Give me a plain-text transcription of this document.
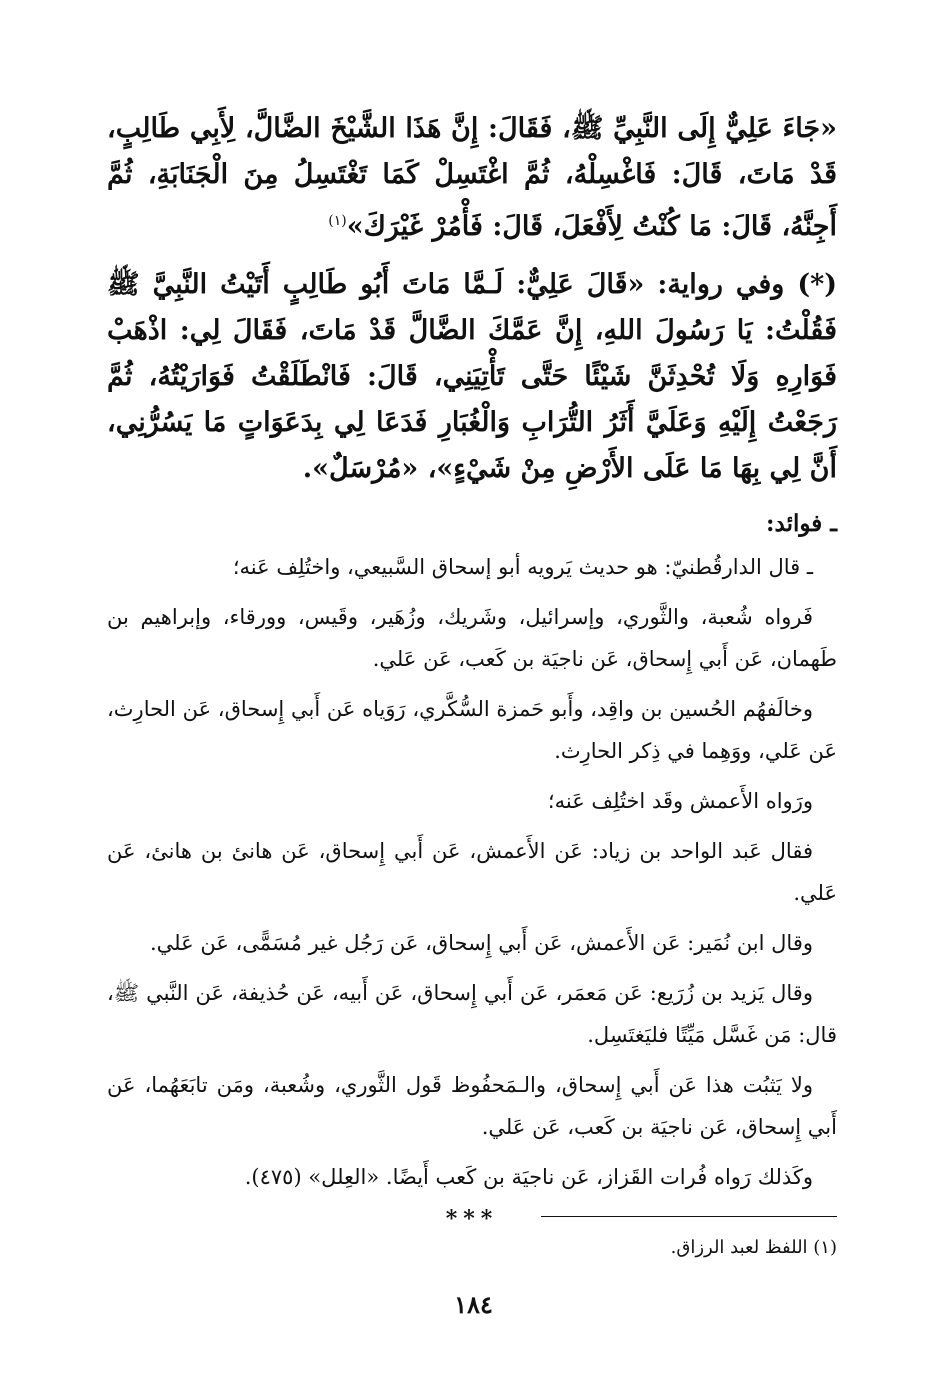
«جَاءَ عَلِيٌّ إِلَى النَّبِيِّ ﷺ، فَقَالَ: إِنَّ هَذَا الشَّيْخَ الضَّالَّ، لِأَبِي طَالِبٍ، قَدْ مَاتَ، قَالَ: فَاغْسِلْهُ، ثُمَّ اغْتَسِلْ كَمَا تَغْتَسِلُ مِنَ الْجَنَابَةِ، ثُمَّ أَجِنَّهُ، قَالَ: مَا كُنْتُ لِأَفْعَلَ، قَالَ: فَأْمُرْ غَيْرَكَ»$^{(١)}$

(*) وفي رواية: «قَالَ عَلِيٌّ: لَـمَّا مَاتَ أَبُو طَالِبٍ أَتَيْتُ النَّبِيَّ ﷺ فَقُلْتُ: يَا رَسُولَ اللهِ، إِنَّ عَمَّكَ الضَّالَّ قَدْ مَاتَ، فَقَالَ لِي: اذْهَبْ فَوَارِهِ وَلَا تُحْدِثَنَّ شَيْئًا حَتَّى تَأْتِيَنِي، قَالَ: فَانْطَلَقْتُ فَوَارَيْتُهُ، ثُمَّ رَجَعْتُ إِلَيْهِ وَعَلَيَّ أَثَرُ التُّرَابِ وَالْغُبَارِ فَدَعَا لِي بِدَعَوَاتٍ مَا يَسُرُّنِي، أَنَّ لِي بِهَا مَا عَلَى الأَرْضِ مِنْ شَيْءٍ»، «مُرْسَلٌ».

ـ فوائد:

ـ قال الدارقُطنيّ: هو حديث يَرويه أبو إسحاق السَّبيعي، واختُلِف عَنه؛

فَرواه شُعبة، والثَّوري، وإسرائيل، وشَريك، وزُهَير، وقَيس، وورقاء، وإبراهيم بن طَهمان، عَن أَبي إِسحاق، عَن ناجيَة بن كَعب، عَن عَلي.

وخالَفهُم الحُسين بن واقِد، وأَبو حَمزة السُّكَّري، رَوَياه عَن أَبي إِسحاق، عَن الحارِث، عَن عَلي، ووَهِما في ذِكر الحارِث.

ورَواه الأَعمش وقَد اختُلِف عَنه؛

فقال عَبد الواحد بن زياد: عَن الأَعمش، عَن أَبي إِسحاق، عَن هانئ بن هانئ، عَن عَلي.

وقال ابن نُمَير: عَن الأَعمش، عَن أَبي إِسحاق، عَن رَجُل غير مُسَمًّى، عَن عَلي.

وقال يَزيد بن زُرَيع: عَن مَعمَر، عَن أَبي إِسحاق، عَن أَبيه، عَن حُذيفة، عَن النَّبي ﷺ، قال: مَن غَسَّل مَيِّتًا فليَغتَسِل.

ولا يَثبُت هذا عَن أَبي إِسحاق، والـمَحفُوظ قَول الثَّوري، وشُعبة، ومَن تابَعَهُما، عَن أَبي إِسحاق، عَن ناجيَة بن كَعب، عَن عَلي.

وكَذلك رَواه فُرات القَزاز، عَن ناجيَة بن كَعب أَيضًا. «العِلل» (٤٧٥).

***
(١) اللفظ لعبد الرزاق.
١٨٤
